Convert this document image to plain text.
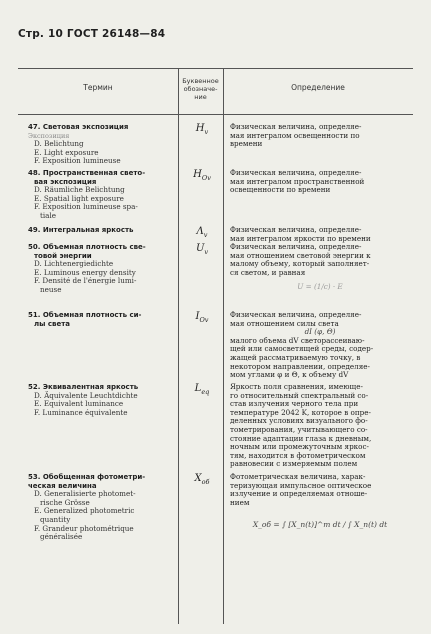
Стр. 10 ГОСТ 26148—84
Термин
Буквенное
обозначе-
ние
Определение
47. Световая экспозиция
Экспозиция
D. Belichtung
E. Light exposure
F. Exposition lumineuse
$H_v$
Физическая величина, определяе-
мая интегралом освещенности по
времени
48. Пространственная свето-
вая экспозиция
D. Räumliche Belichtung
E. Spatial light exposure
F. Exposition lumineuse spa-
tiale
$H_{Ov}$
Физическая величина, определяе-
мая интегралом пространственной
освещенности по времени
49. Интегральная яркость	$\Lambda_v$
Физическая величина, определяе-
мая интегралом яркости по времени
50. Объемная плотность све-
товой энергии
D. Lichtenergiedichte
E. Luminous energy density
F. Densité de l'énergie lumi-
neuse
$U_v$
Физическая величина, определяе-
мая отношением световой энергии к
малому объему, который заполняет-
ся светом, и равная
U = (1/c) · E
51. Объемная плотность си-
лы света
$I_{Ov}$
Физическая величина, определяе-
мая отношением силы света
dI (φ, Θ)
малого объема dV светорассеиваю-
щей или самосветящей среды, содер-
жащей рассматриваемую точку, в
некотором направлении, определяе-
мом углами φ и Θ, к объему dV
52. Эквивалентная яркость
D. Äquivalente Leuchtdichte
E. Equivalent luminance
F. Luminance équivalente
$L_{eq}$
Яркость поля сравнения, имеюще-
го относительный спектральный со-
став излучения черного тела при
температуре 2042 K, которое в опре-
деленных условиях визуального фо-
тометрирования, учитывающего со-
стояние адаптации глаза к дневным,
ночным или промежуточным яркос-
тям, находится в фотометрическом
равновесии с измеряемым полем
53. Обобщенная фотометри-
ческая величина
D. Generalisierte photomet-
rische Grösse
E. Generalized photometric
quantity
F. Grandeur photométrique
généralisée
$X_{об}$
Фотометрическая величина, харак-
теризующая импульсное оптическое
излучение и определяемая отноше-
нием
X_об = ∫ [X_n(t)]^m dt / ∫ X_n(t) dt
